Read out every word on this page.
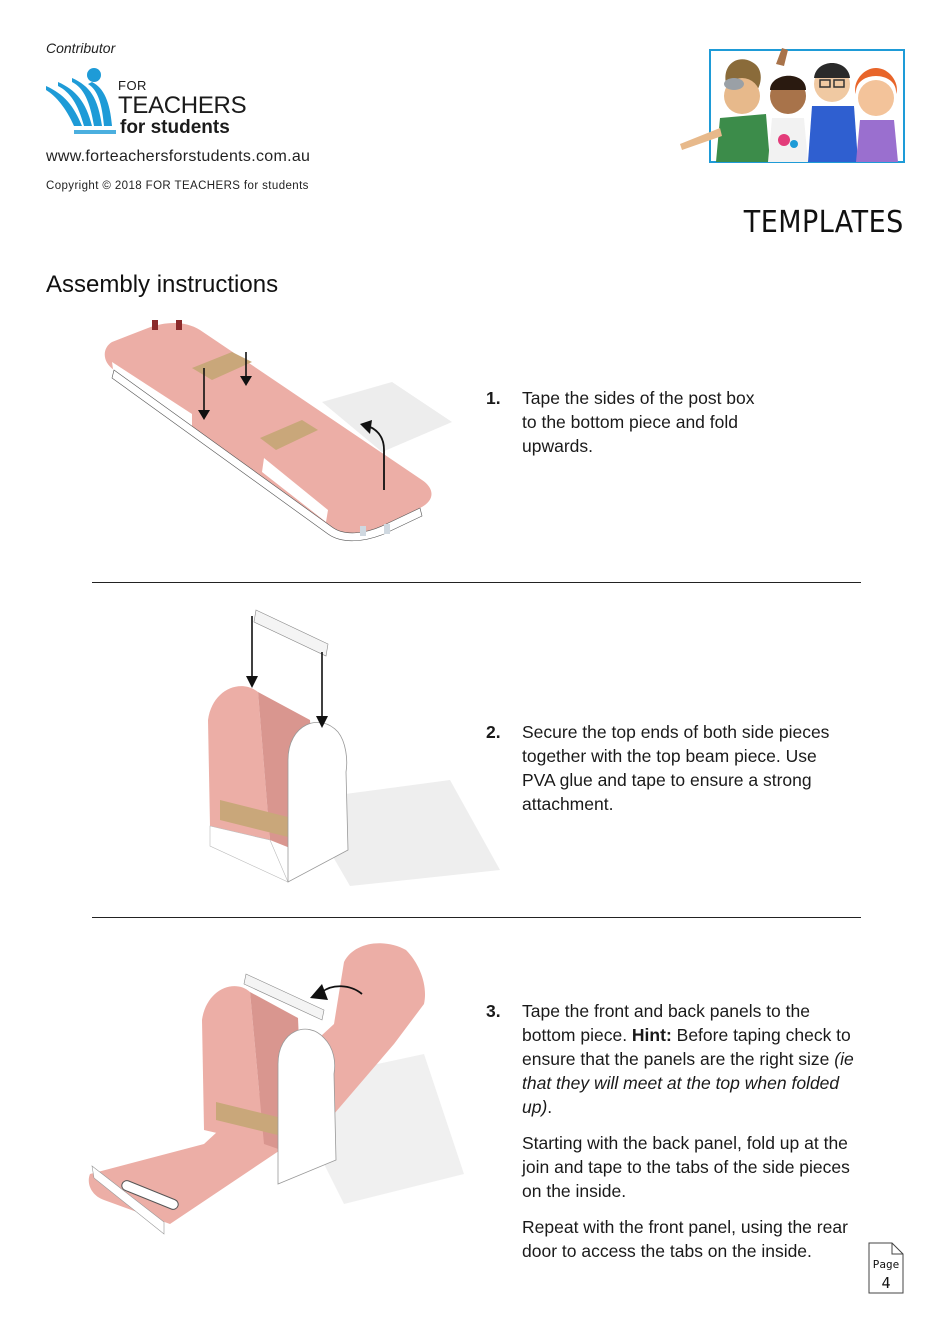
Contributor
FOR
TEACHERS
for students
www.forteachersforstudents.com.au
Copyright © 2018 FOR TEACHERS for students
TEMPLATES
Assembly instructions
1. Tape the sides of the post box to the bottom piece and fold upwards.
2. Secure the top ends of both side pieces together with the top beam piece. Use PVA glue and tape to ensure a strong attachment.
3. Tape the front and back panels to the bottom piece. Hint: Before taping check to ensure that the panels are the right size (ie that they will meet at the top when folded up).

Starting with the back panel, fold up at the join and tape to the tabs of the side pieces on the inside.

Repeat with the front panel, using the rear door to access the tabs on the inside.

Page
4
